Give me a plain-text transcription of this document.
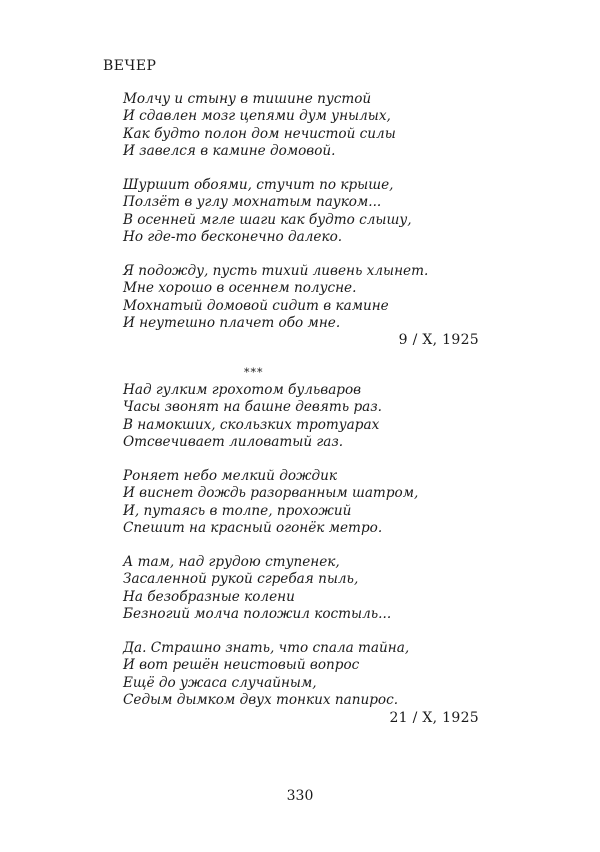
ВЕЧЕР
Молчу и стыну в тишине пустой
И сдавлен мозг цепями дум унылых,
Как будто полон дом нечистой силы
И завелся в камине домовой.
Шуршит обоями, стучит по крыше,
Ползёт в углу мохнатым пауком...
В осенней мгле шаги как будто слышу,
Но где-то бесконечно далеко.
Я подожду, пусть тихий ливень хлынет.
Мне хорошо в осеннем полусне.
Мохнатый домовой сидит в камине
И неутешно плачет обо мне.
9 / X, 1925
***
Над гулким грохотом бульваров
Часы звонят на башне девять раз.
В намокших, скользких тротуарах
Отсвечивает лиловатый газ.
Роняет небо мелкий дождик
И виснет дождь разорванным шатром,
И, путаясь в толпе, прохожий
Спешит на красный огонёк метро.
А там, над грудою ступенек,
Засаленной рукой сгребая пыль,
На безобразные колени
Безногий молча положил костыль...
Да. Страшно знать, что спала тайна,
И вот решён неистовый вопрос
Ещё до ужаса случайным,
Седым дымком двух тонких папирос.
21 / X, 1925
330
